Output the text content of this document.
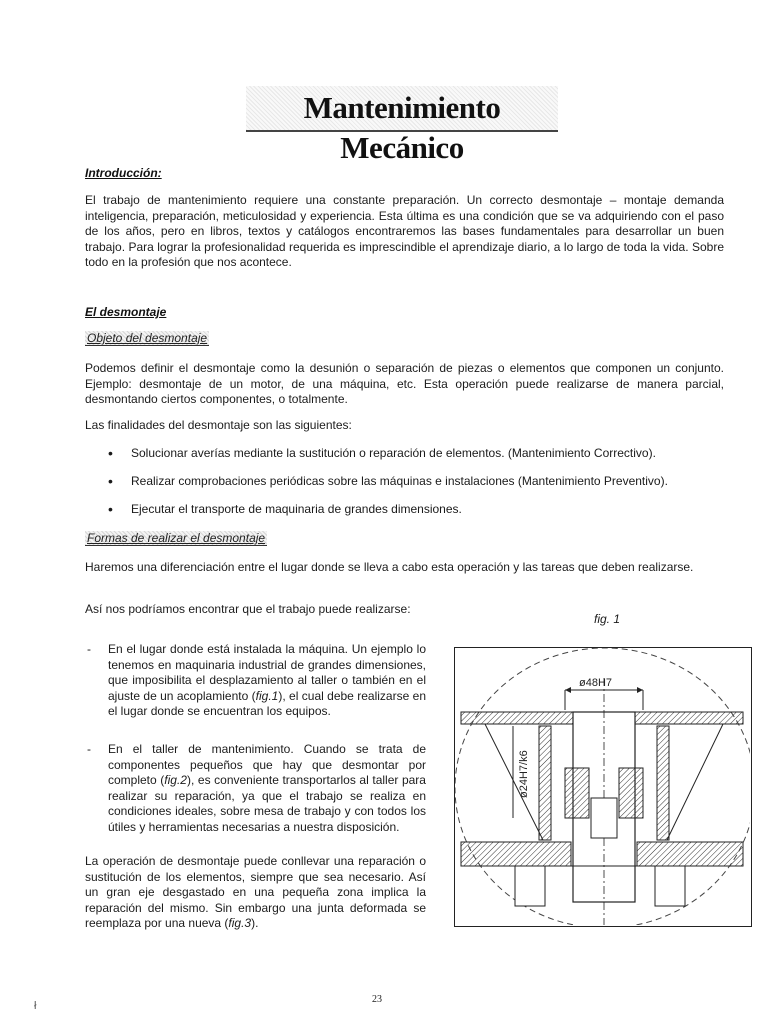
Mantenimiento Mecánico
Introducción:

El trabajo de mantenimiento requiere una constante preparación. Un correcto desmontaje – montaje demanda inteligencia, preparación, meticulosidad y experiencia. Esta última es una condición que se va adquiriendo con el paso de los años, pero en libros, textos y catálogos encontraremos las bases fundamentales para desarrollar un buen trabajo. Para lograr la profesionalidad requerida es imprescindible el aprendizaje diario, a lo largo de toda la vida. Sobre todo en la profesión que nos acontece.

El desmontaje
Objeto del desmontaje

Podemos definir el desmontaje como la desunión o separación de piezas o elementos que componen un conjunto. Ejemplo: desmontaje de un motor, de una máquina, etc. Esta operación puede realizarse de manera parcial, desmontando ciertos componentes, o totalmente.

Las finalidades del desmontaje son las siguientes:

• Solucionar averías mediante la sustitución o reparación de elementos. (Mantenimiento Correctivo).
• Realizar comprobaciones periódicas sobre las máquinas e instalaciones (Mantenimiento Preventivo).
• Ejecutar el transporte de maquinaria de grandes dimensiones.
Formas de realizar el desmontaje

Haremos una diferenciación entre el lugar donde se lleva a cabo esta operación y las tareas que deben realizarse.

Así nos podríamos encontrar que el trabajo puede realizarse:

fig. 1
- En el lugar donde está instalada la máquina. Un ejemplo lo tenemos en maquinaria industrial de grandes dimensiones, que imposibilita el desplazamiento al taller o también en el ajuste de un acoplamiento (fig.1), el cual debe realizarse en el lugar donde se encuentran los equipos.

- En el taller de mantenimiento. Cuando se trata de componentes pequeños que hay que desmontar por completo (fig.2), es conveniente transportarlos al taller para realizar su reparación, ya que el trabajo se realiza en condiciones ideales, sobre mesa de trabajo y con todos los útiles y herramientas necesarias a nuestra disposición.

La operación de desmontaje puede conllevar una reparación o sustitución de los elementos, siempre que sea necesario. Así un gran eje desgastado en una pequeña zona implica la reparación del mismo. Sin embargo una junta deformada se reemplaza por una nueva (fig.3).

ø48H7
ø24H7/k6
23
ł
